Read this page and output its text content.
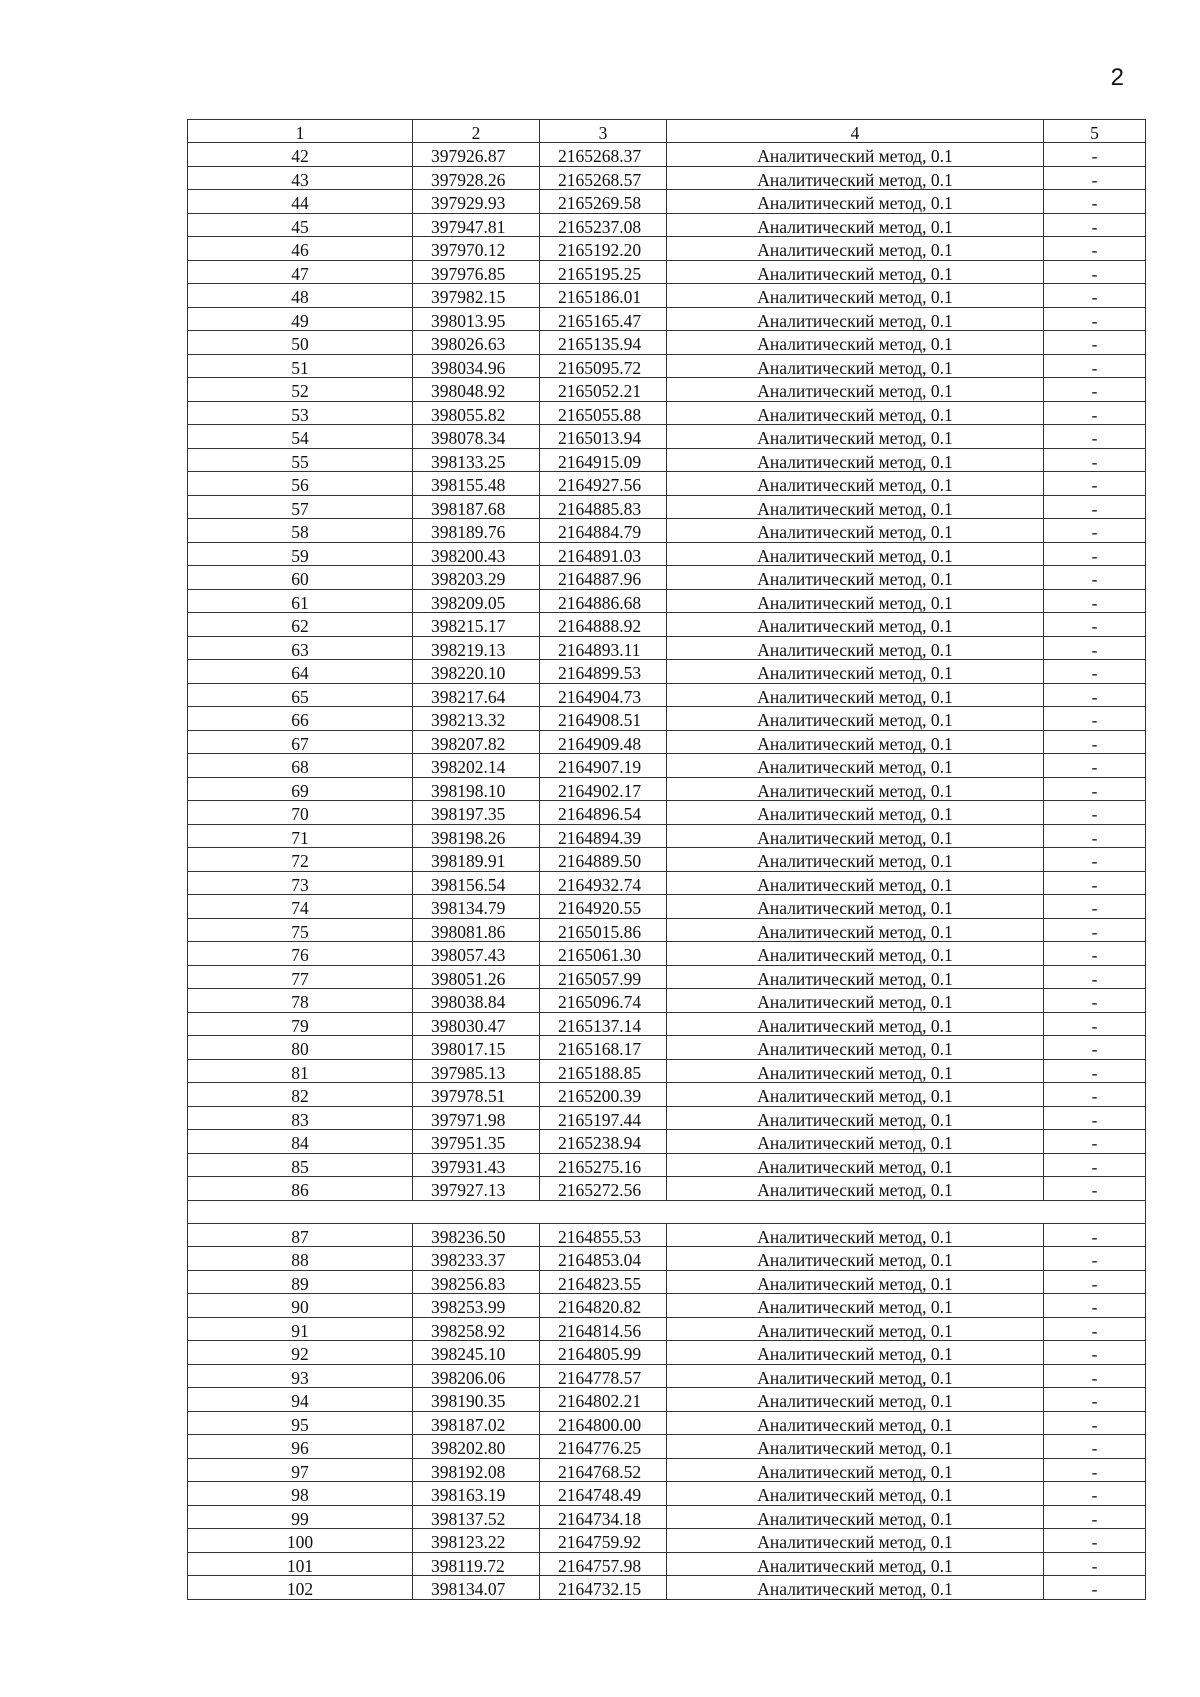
2
1	2	3	4	5
42	397926.87	2165268.37	Аналитический метод, 0.1	-
43	397928.26	2165268.57	Аналитический метод, 0.1	-
44	397929.93	2165269.58	Аналитический метод, 0.1	-
45	397947.81	2165237.08	Аналитический метод, 0.1	-
46	397970.12	2165192.20	Аналитический метод, 0.1	-
47	397976.85	2165195.25	Аналитический метод, 0.1	-
48	397982.15	2165186.01	Аналитический метод, 0.1	-
49	398013.95	2165165.47	Аналитический метод, 0.1	-
50	398026.63	2165135.94	Аналитический метод, 0.1	-
51	398034.96	2165095.72	Аналитический метод, 0.1	-
52	398048.92	2165052.21	Аналитический метод, 0.1	-
53	398055.82	2165055.88	Аналитический метод, 0.1	-
54	398078.34	2165013.94	Аналитический метод, 0.1	-
55	398133.25	2164915.09	Аналитический метод, 0.1	-
56	398155.48	2164927.56	Аналитический метод, 0.1	-
57	398187.68	2164885.83	Аналитический метод, 0.1	-
58	398189.76	2164884.79	Аналитический метод, 0.1	-
59	398200.43	2164891.03	Аналитический метод, 0.1	-
60	398203.29	2164887.96	Аналитический метод, 0.1	-
61	398209.05	2164886.68	Аналитический метод, 0.1	-
62	398215.17	2164888.92	Аналитический метод, 0.1	-
63	398219.13	2164893.11	Аналитический метод, 0.1	-
64	398220.10	2164899.53	Аналитический метод, 0.1	-
65	398217.64	2164904.73	Аналитический метод, 0.1	-
66	398213.32	2164908.51	Аналитический метод, 0.1	-
67	398207.82	2164909.48	Аналитический метод, 0.1	-
68	398202.14	2164907.19	Аналитический метод, 0.1	-
69	398198.10	2164902.17	Аналитический метод, 0.1	-
70	398197.35	2164896.54	Аналитический метод, 0.1	-
71	398198.26	2164894.39	Аналитический метод, 0.1	-
72	398189.91	2164889.50	Аналитический метод, 0.1	-
73	398156.54	2164932.74	Аналитический метод, 0.1	-
74	398134.79	2164920.55	Аналитический метод, 0.1	-
75	398081.86	2165015.86	Аналитический метод, 0.1	-
76	398057.43	2165061.30	Аналитический метод, 0.1	-
77	398051.26	2165057.99	Аналитический метод, 0.1	-
78	398038.84	2165096.74	Аналитический метод, 0.1	-
79	398030.47	2165137.14	Аналитический метод, 0.1	-
80	398017.15	2165168.17	Аналитический метод, 0.1	-
81	397985.13	2165188.85	Аналитический метод, 0.1	-
82	397978.51	2165200.39	Аналитический метод, 0.1	-
83	397971.98	2165197.44	Аналитический метод, 0.1	-
84	397951.35	2165238.94	Аналитический метод, 0.1	-
85	397931.43	2165275.16	Аналитический метод, 0.1	-
86	397927.13	2165272.56	Аналитический метод, 0.1	-

87	398236.50	2164855.53	Аналитический метод, 0.1	-
88	398233.37	2164853.04	Аналитический метод, 0.1	-
89	398256.83	2164823.55	Аналитический метод, 0.1	-
90	398253.99	2164820.82	Аналитический метод, 0.1	-
91	398258.92	2164814.56	Аналитический метод, 0.1	-
92	398245.10	2164805.99	Аналитический метод, 0.1	-
93	398206.06	2164778.57	Аналитический метод, 0.1	-
94	398190.35	2164802.21	Аналитический метод, 0.1	-
95	398187.02	2164800.00	Аналитический метод, 0.1	-
96	398202.80	2164776.25	Аналитический метод, 0.1	-
97	398192.08	2164768.52	Аналитический метод, 0.1	-
98	398163.19	2164748.49	Аналитический метод, 0.1	-
99	398137.52	2164734.18	Аналитический метод, 0.1	-
100	398123.22	2164759.92	Аналитический метод, 0.1	-
101	398119.72	2164757.98	Аналитический метод, 0.1	-
102	398134.07	2164732.15	Аналитический метод, 0.1	-
